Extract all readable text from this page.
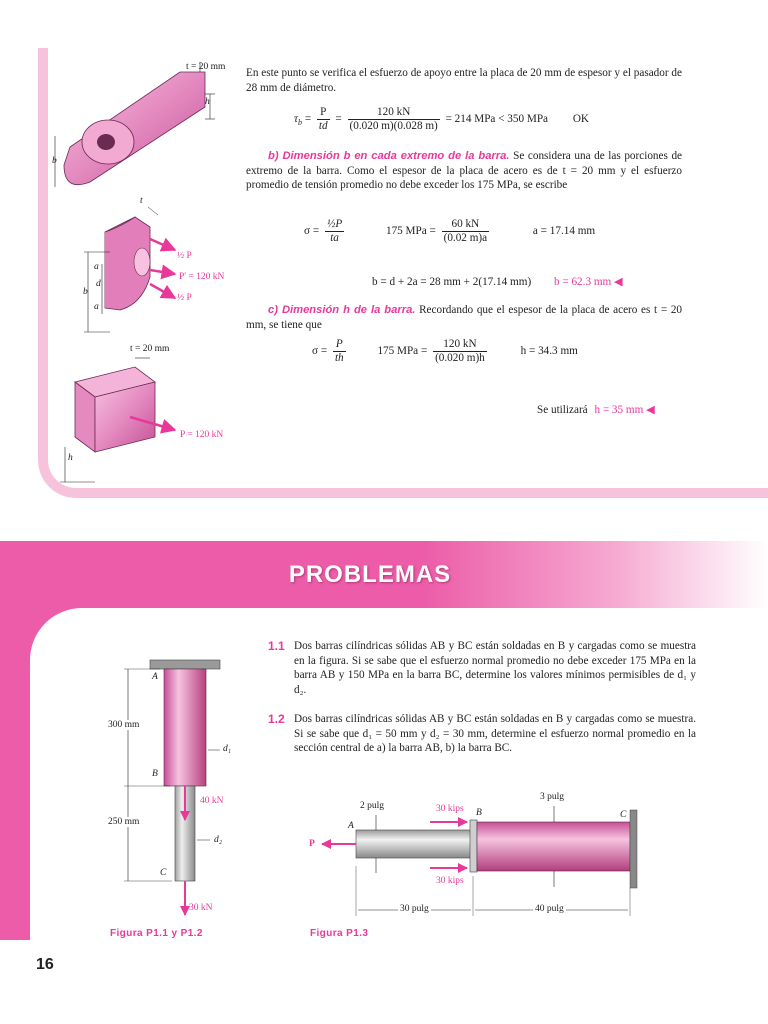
t = 20 mm
h
b
t
a
d
b
a
½ P
P' = 120 kN
½ P
t = 20 mm
P = 120 kN
h
En este punto se verifica el esfuerzo de apoyo entre la placa de 20 mm de espesor y el pasador de 28 mm de diámetro.
$\tau_b = \frac{P}{td} = \frac{120 kN}{(0.020 m)(0.028 m)} = 214$ MPa < 350 MPa OK
b) Dimensión b en cada extremo de la barra. Se considera una de las porciones de extremo de la barra. Como el espesor de la placa de acero es de t = 20 mm y el esfuerzo promedio de tensión promedio no debe exceder los 175 MPa, se escribe
$\sigma = \frac{\text{½P}}{ta}$	175 MPa = $\frac{60 kN}{(0.02 m)a}$	a = 17.14 mm
b = d + 2a = 28 mm + 2(17.14 mm) b = 62.3 mm ◀
c) Dimensión h de la barra. Recordando que el espesor de la placa de acero es t = 20 mm, se tiene que
$\sigma = \frac{P}{th}$	175 MPa = $\frac{120 kN}{(0.020 m)h}$	h = 34.3 mm
Se utilizará h = 35 mm ◀
PROBLEMAS
1.1 Dos barras cilíndricas sólidas AB y BC están soldadas en B y cargadas como se muestra en la figura. Si se sabe que el esfuerzo normal promedio no debe exceder 175 MPa en la barra AB y 150 MPa en la barra BC, determine los valores mínimos permisibles de d₁ y d₂.
1.2 Dos barras cilíndricas sólidas AB y BC están soldadas en B y cargadas como se muestra. Si se sabe que d₁ = 50 mm y d₂ = 30 mm, determine el esfuerzo normal promedio en la sección central de a) la barra AB, b) la barra BC.
A
300 mm
d₁
B
40 kN
250 mm
d₂
C
30 kN
Figura P1.1 y P1.2
2 pulg
3 pulg
30 kips B	C
A
P
30 kips
30 pulg	40 pulg
Figura P1.3
16
